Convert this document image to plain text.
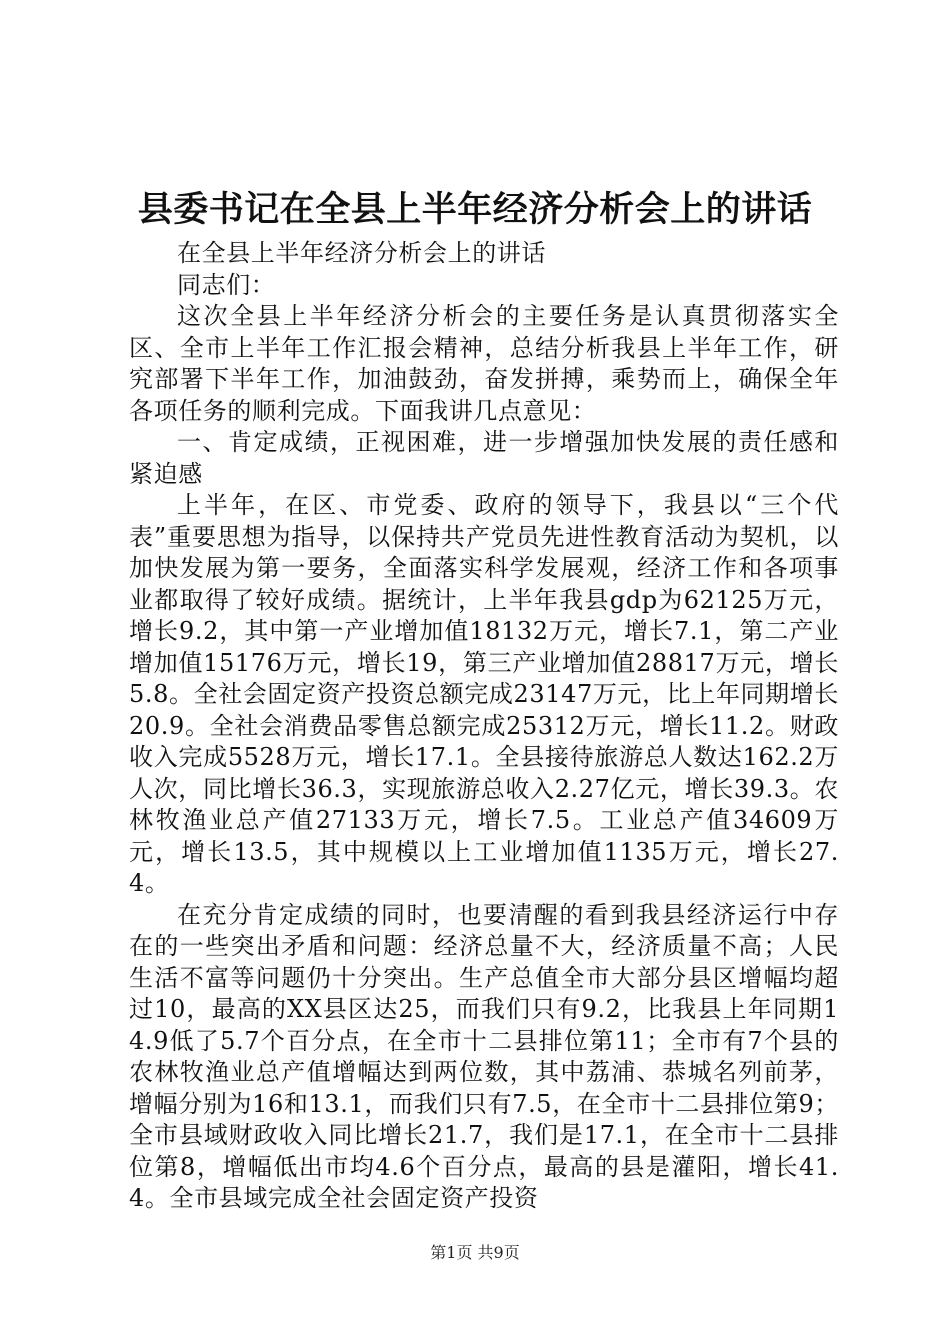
县委书记在全县上半年经济分析会上的讲话

在全县上半年经济分析会上的讲话

同志们：

这次全县上半年经济分析会的主要任务是认真贯彻落实全区、全市上半年工作汇报会精神，总结分析我县上半年工作，研究部署下半年工作，加油鼓劲，奋发拼搏，乘势而上，确保全年各项任务的顺利完成。下面我讲几点意见：

一、肯定成绩，正视困难，进一步增强加快发展的责任感和紧迫感

上半年，在区、市党委、政府的领导下，我县以“三个代表”重要思想为指导，以保持共产党员先进性教育活动为契机，以加快发展为第一要务，全面落实科学发展观，经济工作和各项事业都取得了较好成绩。据统计，上半年我县gdp为62125万元，增长9.2，其中第一产业增加值18132万元，增长7.1，第二产业增加值15176万元，增长19，第三产业增加值28817万元，增长5.8。全社会固定资产投资总额完成23147万元，比上年同期增长20.9。全社会消费品零售总额完成25312万元，增长11.2。财政收入完成5528万元，增长17.1。全县接待旅游总人数达162.2万人次，同比增长36.3，实现旅游总收入2.27亿元，增长39.3。农林牧渔业总产值27133万元，增长7.5。工业总产值34609万元，增长13.5，其中规模以上工业增加值1135万元，增长27.4。

在充分肯定成绩的同时，也要清醒的看到我县经济运行中存在的一些突出矛盾和问题：经济总量不大，经济质量不高；人民生活不富等问题仍十分突出。生产总值全市大部分县区增幅均超过10，最高的XX县区达25，而我们只有9.2，比我县上年同期14.9低了5.7个百分点，在全市十二县排位第11；全市有7个县的农林牧渔业总产值增幅达到两位数，其中荔浦、恭城名列前茅，增幅分别为16和13.1，而我们只有7.5，在全市十二县排位第9；全市县域财政收入同比增长21.7，我们是17.1，在全市十二县排位第8，增幅低出市均4.6个百分点，最高的县是灌阳，增长41.4。全市县域完成全社会固定资产投资

第1页 共9页
